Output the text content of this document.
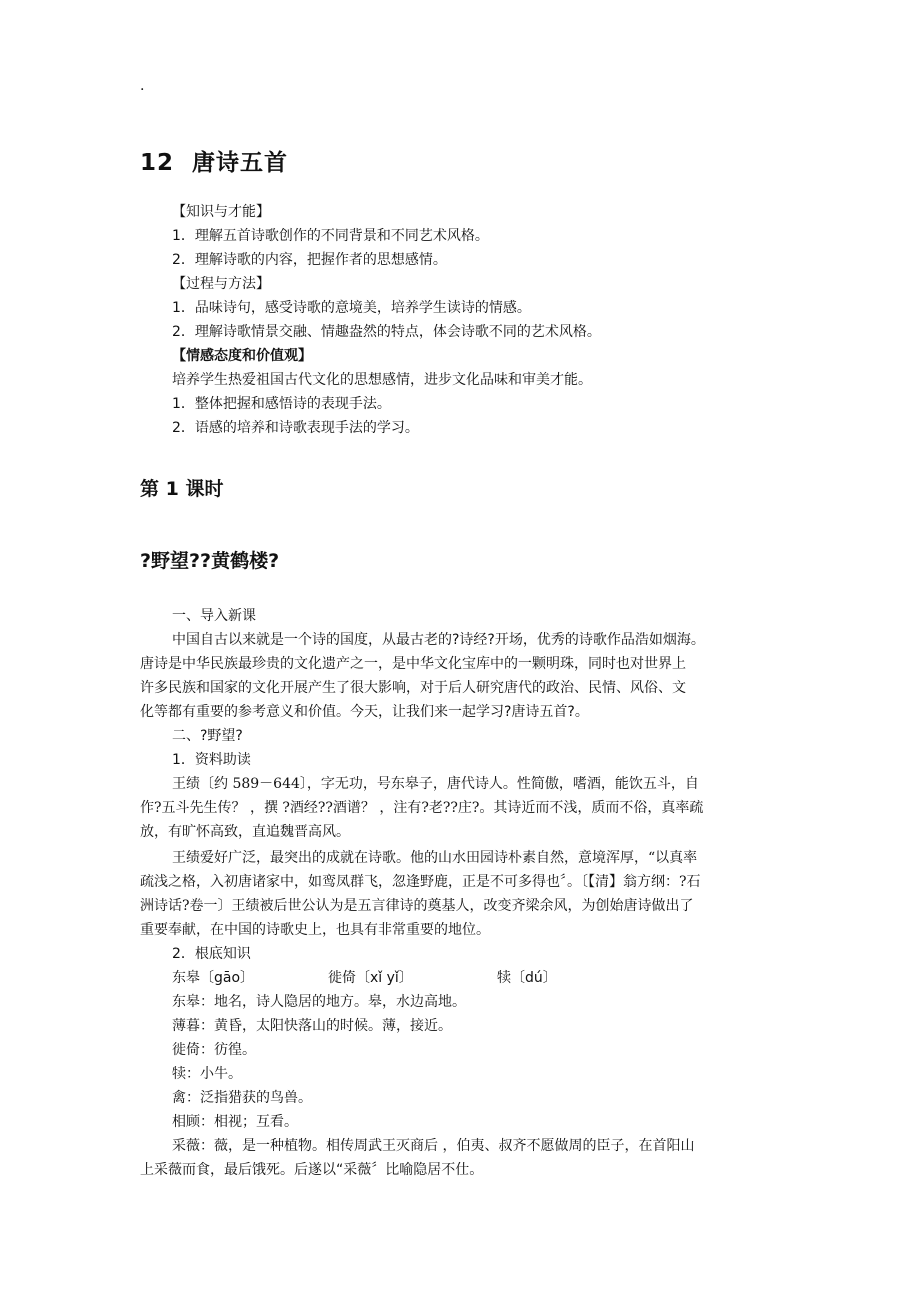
.
12 唐诗五首
【知识与才能】
1．理解五首诗歌创作的不同背景和不同艺术风格。
2．理解诗歌的内容，把握作者的思想感情。
【过程与方法】
1．品味诗句，感受诗歌的意境美，培养学生读诗的情感。
2．理解诗歌情景交融、情趣盎然的特点，体会诗歌不同的艺术风格。
【情感态度和价值观】
培养学生热爱祖国古代文化的思想感情，进步文化品味和审美才能。
1．整体把握和感悟诗的表现手法。
2．语感的培养和诗歌表现手法的学习。
第 1 课时
?野望??黄鹤楼?
一、导入新课
中国自古以来就是一个诗的国度，从最古老的?诗经?开场，优秀的诗歌作品浩如烟海。
唐诗是中华民族最珍贵的文化遗产之一，是中华文化宝库中的一颗明珠，同时也对世界上
许多民族和国家的文化开展产生了很大影响，对于后人研究唐代的政治、民情、风俗、文
化等都有重要的参考意义和价值。今天，让我们来一起学习?唐诗五首?。
二、?野望?
1．资料助读
王绩〔约 589－644〕，字无功，号东皋子，唐代诗人。性简傲，嗜酒，能饮五斗，自
作?五斗先生传？ ，撰 ?酒经??酒谱？ ，注有?老??庄?。其诗近而不浅，质而不俗，真率疏
放，有旷怀高致，直追魏晋高风。
王绩爱好广泛，最突出的成就在诗歌。他的山水田园诗朴素自然，意境浑厚，“以真率
疏浅之格，入初唐诸家中，如鸾凤群飞，忽逢野鹿，正是不可多得也〞。〔【清】翁方纲：?石
洲诗话?卷一〕王绩被后世公认为是五言律诗的奠基人，改变齐梁余风，为创始唐诗做出了
重要奉献，在中国的诗歌史上，也具有非常重要的地位。
2．根底知识
东皋〔gāo〕	徙倚〔xǐ yǐ〕	犊〔dú〕
东皋：地名，诗人隐居的地方。皋，水边高地。
薄暮：黄昏，太阳快落山的时候。薄，接近。
徙倚：彷徨。
犊：小牛。
禽：泛指猎获的鸟兽。
相顾：相视；互看。
采薇：薇，是一种植物。相传周武王灭商后 ，伯夷、叔齐不愿做周的臣子，在首阳山
上采薇而食，最后饿死。后遂以“采薇〞比喻隐居不仕。
